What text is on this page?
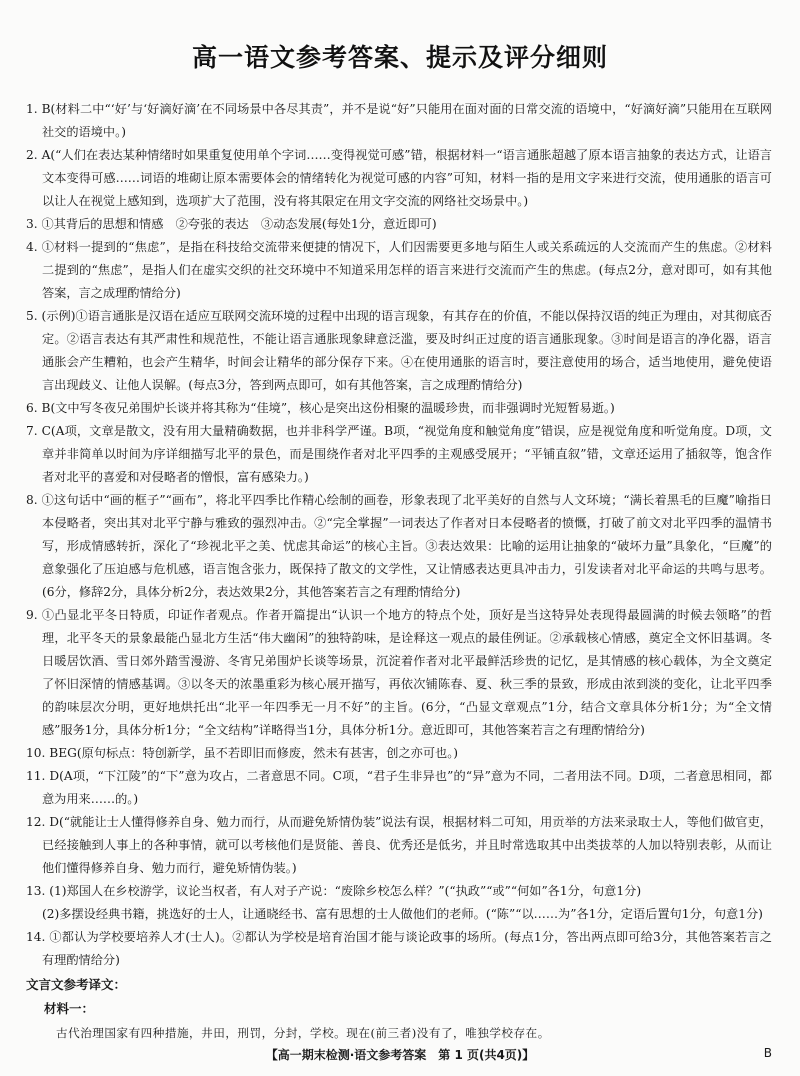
高一语文参考答案、提示及评分细则

1. B(材料二中“‘好’与‘好滴好滴’在不同场景中各尽其责”，并不是说“好”只能用在面对面的日常交流的语境中，“好滴好滴”只能用在互联网社交的语境中。)

2. A(“人们在表达某种情绪时如果重复使用单个字词……变得视觉可感”错，根据材料一“语言通胀超越了原本语言抽象的表达方式，让语言文本变得可感……词语的堆砌让原本需要体会的情绪转化为视觉可感的内容”可知，材料一指的是用文字来进行交流，使用通胀的语言可以让人在视觉上感知到，选项扩大了范围，没有将其限定在用文字交流的网络社交场景中。)

3. ①其背后的思想和情感　②夸张的表达　③动态发展(每处1分，意近即可)

4. ①材料一提到的“焦虑”，是指在科技给交流带来便捷的情况下，人们因需要更多地与陌生人或关系疏远的人交流而产生的焦虑。②材料二提到的“焦虑”，是指人们在虚实交织的社交环境中不知道采用怎样的语言来进行交流而产生的焦虑。(每点2分，意对即可，如有其他答案，言之成理酌情给分)

5. (示例)①语言通胀是汉语在适应互联网交流环境的过程中出现的语言现象，有其存在的价值，不能以保持汉语的纯正为理由，对其彻底否定。②语言表达有其严肃性和规范性，不能让语言通胀现象肆意泛滥，要及时纠正过度的语言通胀现象。③时间是语言的净化器，语言通胀会产生糟粕，也会产生精华，时间会让精华的部分保存下来。④在使用通胀的语言时，要注意使用的场合，适当地使用，避免使语言出现歧义、让他人误解。(每点3分，答到两点即可，如有其他答案，言之成理酌情给分)

6. B(文中写冬夜兄弟围炉长谈并将其称为“佳境”，核心是突出这份相聚的温暖珍贵，而非强调时光短暂易逝。)

7. C(A项，文章是散文，没有用大量精确数据，也并非科学严谨。B项，“视觉角度和触觉角度”错误，应是视觉角度和听觉角度。D项，文章并非简单以时间为序详细描写北平的景色，而是围绕作者对北平四季的主观感受展开；“平铺直叙”错，文章还运用了插叙等，饱含作者对北平的喜爱和对侵略者的憎恨，富有感染力。)

8. ①这句话中“画的框子”“画布”，将北平四季比作精心绘制的画卷，形象表现了北平美好的自然与人文环境；“满长着黑毛的巨魔”喻指日本侵略者，突出其对北平宁静与雅致的强烈冲击。②“完全掌握”一词表达了作者对日本侵略者的愤慨，打破了前文对北平四季的温情书写，形成情感转折，深化了“珍视北平之美、忧虑其命运”的核心主旨。③表达效果：比喻的运用让抽象的“破坏力量”具象化，“巨魔”的意象强化了压迫感与危机感，语言饱含张力，既保持了散文的文学性，又让情感表达更具冲击力，引发读者对北平命运的共鸣与思考。(6分，修辞2分，具体分析2分，表达效果2分，其他答案若言之有理酌情给分)

9. ①凸显北平冬日特质，印证作者观点。作者开篇提出“认识一个地方的特点个处，顶好是当这特异处表现得最圆满的时候去领略”的哲理，北平冬天的景象最能凸显北方生活“伟大幽闲”的独特韵味，是诠释这一观点的最佳例证。②承载核心情感，奠定全文怀旧基调。冬日暖居饮酒、雪日郊外踏雪漫游、冬宵兄弟围炉长谈等场景，沉淀着作者对北平最鲜活珍贵的记忆，是其情感的核心载体，为全文奠定了怀旧深情的情感基调。③以冬天的浓墨重彩为核心展开描写，再依次铺陈春、夏、秋三季的景致，形成由浓到淡的变化，让北平四季的韵味层次分明，更好地烘托出“北平一年四季无一月不好”的主旨。(6分，“凸显文章观点”1分，结合文章具体分析1分；为“全文情感”服务1分，具体分析1分；“全文结构”详略得当1分，具体分析1分。意近即可，其他答案若言之有理酌情给分)

10. BEG(原句标点：特创新学，虽不若即旧而修废，然未有甚害，创之亦可也。)

11. D(A项，“下江陵”的“下”意为攻占，二者意思不同。C项，“君子生非异也”的“异”意为不同，二者用法不同。D项，二者意思相同，都意为用来……的。)

12. D(“就能让士人懂得修养自身、勉力而行，从而避免矫情伪装”说法有误，根据材料二可知，用贡举的方法来录取士人，等他们做官吏，已经接触到人事上的各种事情，就可以考核他们是贤能、善良、优秀还是低劣，并且时常选取其中出类拔萃的人加以特别表彰，从而让他们懂得修养自身、勉力而行，避免矫情伪装。)

13. (1)郑国人在乡校游学，议论当权者，有人对子产说：“废除乡校怎么样？”(“执政”“或”“何如”各1分，句意1分)

(2)多摆设经典书籍，挑选好的士人，让通晓经书、富有思想的士人做他们的老师。(“陈”“以……为”各1分，定语后置句1分，句意1分)

14. ①都认为学校要培养人才(士人)。②都认为学校是培育治国才能与谈论政事的场所。(每点1分，答出两点即可给3分，其他答案若言之有理酌情给分)

文言文参考译文：
材料一：
古代治理国家有四种措施，井田，刑罚，分封，学校。现在(前三者)没有了，唯独学校存在。
【高一期末检测·语文参考答案　第 1 页(共4页)】	B
